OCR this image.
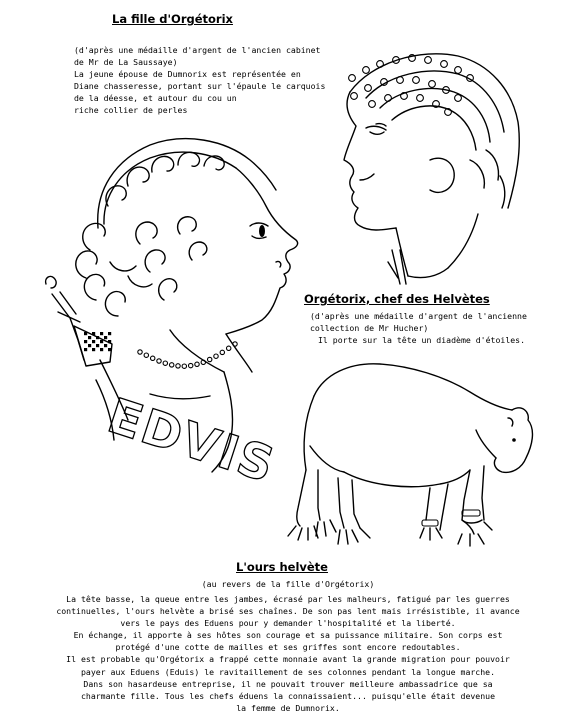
EDVIS
La fille d'Orgétorix
(d'après une médaille d'argent de l'ancien cabinet
de Mr de La Saussaye)
La jeune épouse de Dumnorix est représentée en
Diane chasseresse, portant sur l'épaule le carquois
de la déesse, et autour du cou un
riche collier de perles
Orgétorix, chef des Helvètes
(d'après une médaille d'argent de l'ancienne
collection de Mr Hucher)
Il porte sur la tête un diadème d'étoiles.
L'ours helvète
(au revers de la fille d'Orgétorix)
La tête basse, la queue entre les jambes, écrasé par les malheurs, fatigué par les guerres
continuelles, l'ours helvète a brisé ses chaînes. De son pas lent mais irrésistible, il avance
vers le pays des Eduens pour y demander l'hospitalité et la liberté.
En échange, il apporte à ses hôtes son courage et sa puissance militaire. Son corps est
protégé d'une cotte de mailles et ses griffes sont encore redoutables.
Il est probable qu'Orgétorix a frappé cette monnaie avant la grande migration pour pouvoir
payer aux Eduens (Eduis) le ravitaillement de ses colonnes pendant la longue marche.
Dans son hasardeuse entreprise, il ne pouvait trouver meilleure ambassadrice que sa
charmante fille. Tous les chefs éduens la connaissaient... puisqu'elle était devenue
la femme de Dumnorix.
